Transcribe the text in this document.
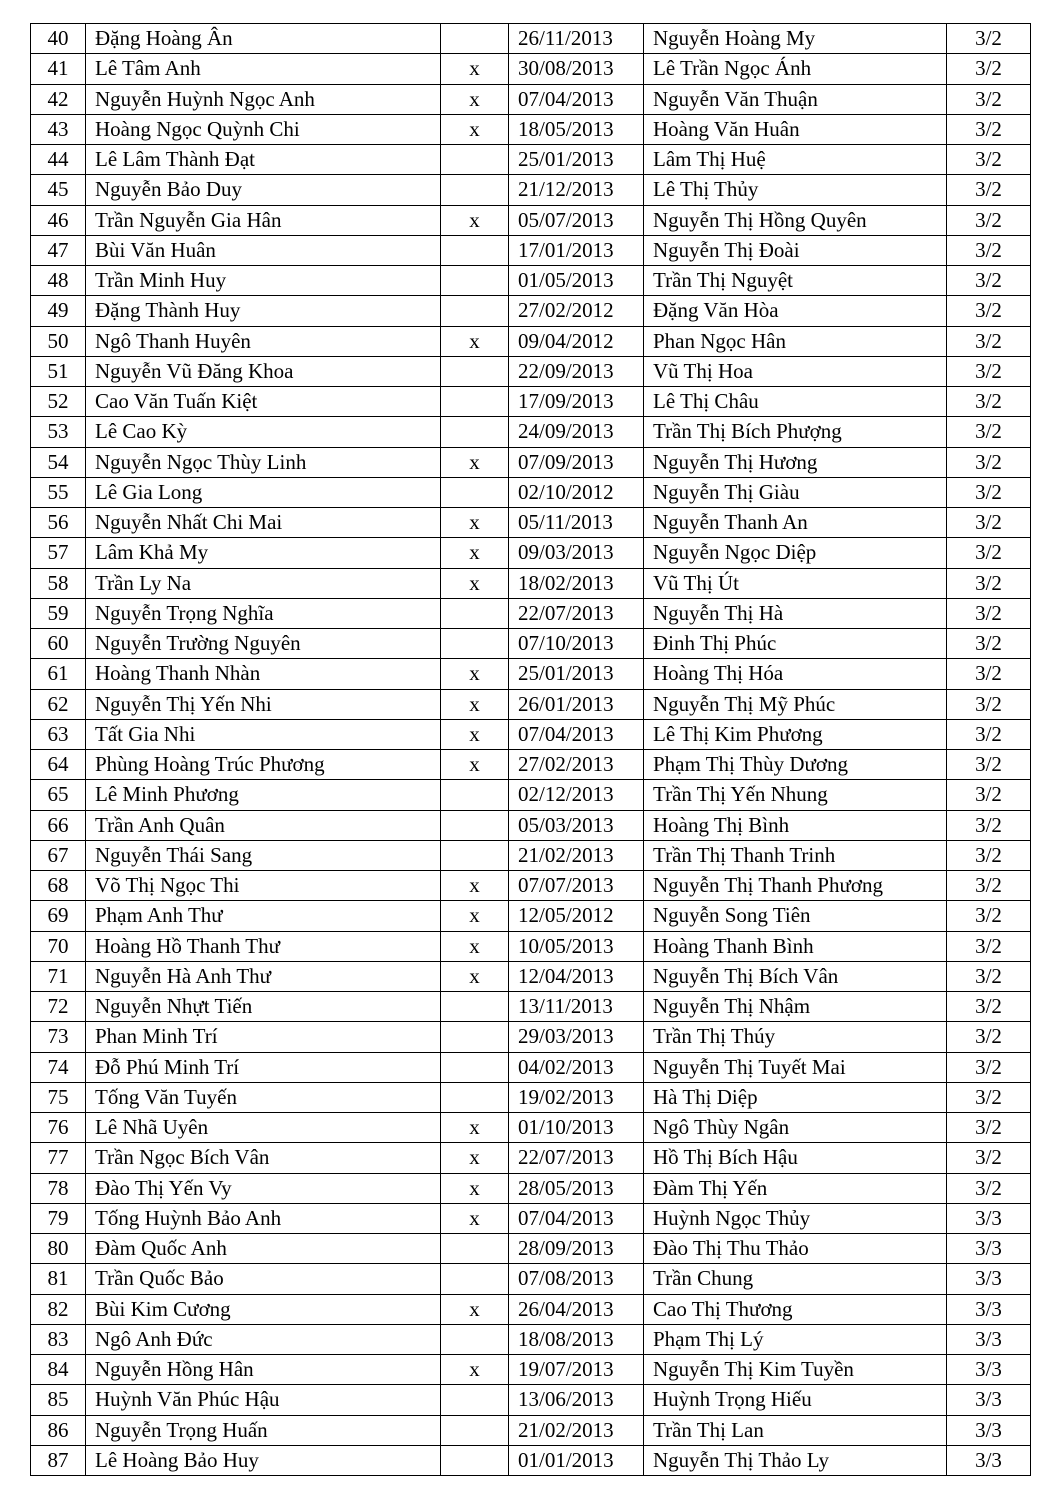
40	Đặng Hoàng Ân		26/11/2013	Nguyễn Hoàng My	3/2
41	Lê Tâm Anh	x	30/08/2013	Lê Trần Ngọc Ánh	3/2
42	Nguyễn Huỳnh Ngọc Anh	x	07/04/2013	Nguyễn Văn Thuận	3/2
43	Hoàng Ngọc Quỳnh Chi	x	18/05/2013	Hoàng Văn Huân	3/2
44	Lê Lâm Thành Đạt		25/01/2013	Lâm Thị Huệ	3/2
45	Nguyễn Bảo Duy		21/12/2013	Lê Thị Thủy	3/2
46	Trần Nguyễn Gia Hân	x	05/07/2013	Nguyễn Thị Hồng Quyên	3/2
47	Bùi Văn Huân		17/01/2013	Nguyễn Thị Đoài	3/2
48	Trần Minh Huy		01/05/2013	Trần Thị Nguyệt	3/2
49	Đặng Thành Huy		27/02/2012	Đặng Văn Hòa	3/2
50	Ngô Thanh Huyên	x	09/04/2012	Phan Ngọc Hân	3/2
51	Nguyễn Vũ Đăng Khoa		22/09/2013	Vũ Thị Hoa	3/2
52	Cao Văn Tuấn Kiệt		17/09/2013	Lê Thị Châu	3/2
53	Lê Cao Kỳ		24/09/2013	Trần Thị Bích Phượng	3/2
54	Nguyễn Ngọc Thùy Linh	x	07/09/2013	Nguyễn Thị Hương	3/2
55	Lê Gia Long		02/10/2012	Nguyễn Thị Giàu	3/2
56	Nguyễn Nhất Chi Mai	x	05/11/2013	Nguyễn Thanh An	3/2
57	Lâm Khả My	x	09/03/2013	Nguyễn Ngọc Diệp	3/2
58	Trần Ly Na	x	18/02/2013	Vũ Thị Út	3/2
59	Nguyễn Trọng Nghĩa		22/07/2013	Nguyễn Thị Hà	3/2
60	Nguyễn Trường Nguyên		07/10/2013	Đinh Thị Phúc	3/2
61	Hoàng Thanh Nhàn	x	25/01/2013	Hoàng Thị Hóa	3/2
62	Nguyễn Thị Yến Nhi	x	26/01/2013	Nguyễn Thị Mỹ Phúc	3/2
63	Tất Gia Nhi	x	07/04/2013	Lê Thị Kim Phương	3/2
64	Phùng Hoàng Trúc Phương	x	27/02/2013	Phạm Thị Thùy Dương	3/2
65	Lê Minh Phương		02/12/2013	Trần Thị Yến Nhung	3/2
66	Trần Anh Quân		05/03/2013	Hoàng Thị Bình	3/2
67	Nguyễn Thái Sang		21/02/2013	Trần Thị Thanh Trinh	3/2
68	Võ Thị Ngọc Thi	x	07/07/2013	Nguyễn Thị Thanh Phương	3/2
69	Phạm Anh Thư	x	12/05/2012	Nguyễn Song Tiên	3/2
70	Hoàng Hồ Thanh Thư	x	10/05/2013	Hoàng Thanh Bình	3/2
71	Nguyễn Hà Anh Thư	x	12/04/2013	Nguyễn Thị Bích Vân	3/2
72	Nguyễn Nhựt Tiến		13/11/2013	Nguyễn Thị Nhậm	3/2
73	Phan Minh Trí		29/03/2013	Trần Thị Thúy	3/2
74	Đỗ Phú Minh Trí		04/02/2013	Nguyễn Thị Tuyết Mai	3/2
75	Tống Văn Tuyến		19/02/2013	Hà Thị Diệp	3/2
76	Lê Nhã Uyên	x	01/10/2013	Ngô Thùy Ngân	3/2
77	Trần Ngọc Bích Vân	x	22/07/2013	Hồ Thị Bích Hậu	3/2
78	Đào Thị Yến Vy	x	28/05/2013	Đàm Thị Yến	3/2
79	Tống Huỳnh Bảo Anh	x	07/04/2013	Huỳnh Ngọc Thủy	3/3
80	Đàm Quốc Anh		28/09/2013	Đào Thị Thu Thảo	3/3
81	Trần Quốc Bảo		07/08/2013	Trần Chung	3/3
82	Bùi Kim Cương	x	26/04/2013	Cao Thị Thương	3/3
83	Ngô Anh Đức		18/08/2013	Phạm Thị Lý	3/3
84	Nguyễn Hồng Hân	x	19/07/2013	Nguyễn Thị Kim Tuyền	3/3
85	Huỳnh Văn Phúc Hậu		13/06/2013	Huỳnh Trọng Hiếu	3/3
86	Nguyễn Trọng Huấn		21/02/2013	Trần Thị Lan	3/3
87	Lê Hoàng Bảo Huy		01/01/2013	Nguyễn Thị Thảo Ly	3/3
